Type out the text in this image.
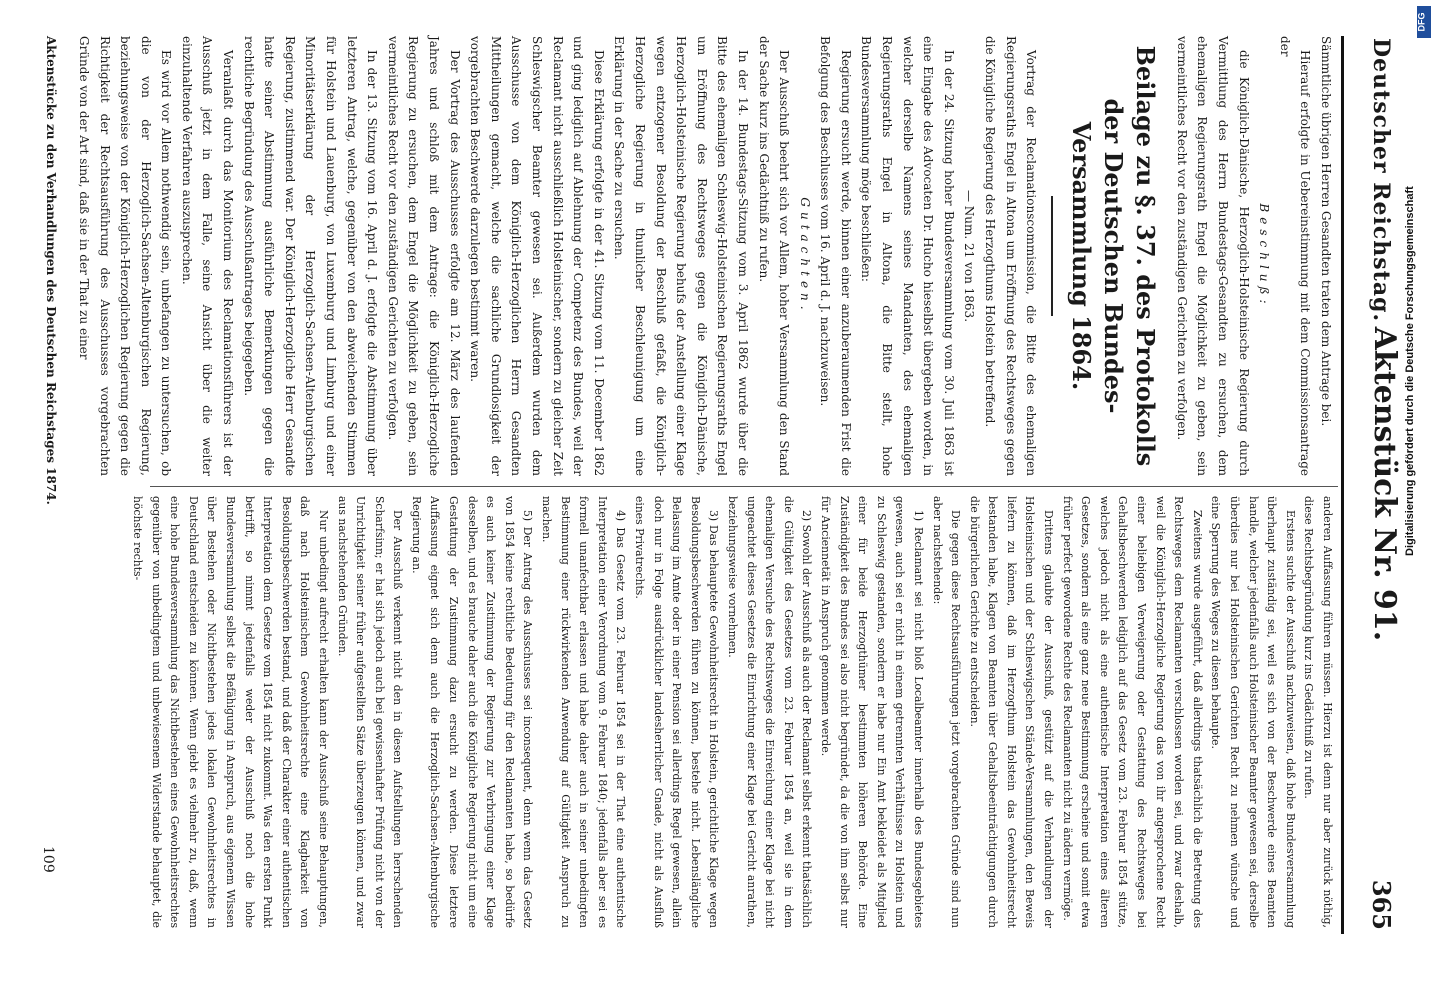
Deutscher Reichstag.
Aktenstück Nr. 91.
365

Sämmtliche übrigen Herren Gesandten traten dem Antrage bei.

Hierauf erfolgte in Uebereinstimmung mit dem Commissionsantrage der

Beschluß:

die Königlich-Dänische, Herzoglich-Holsteinische Regierung durch Vermittlung des Herrn Bundestags-Gesandten zu ersuchen, dem ehemaligen Regierungsrath Engel die Möglichkeit zu geben, sein vermeintliches Recht vor den zuständigen Gerichten zu verfolgen.

Beilage zu §. 37. des Protokolls der Deutschen Bundes-Versammlung 1864.

Vortrag der Reclamationscommission, die Bitte des ehemaligen Regierungsraths Engel in Altona um Eröffnung des Rechtsweges gegen die Königliche Regierung des Herzogthums Holstein betreffend.

— Num. 21 von 1863.

In der 24. Sitzung hoher Bundesversammlung vom 30. Juli 1863 ist eine Eingabe des Advocaten Dr. Hucho hieselbst übergeben worden, in welcher derselbe Namens seines Mandanten, des ehemaligen Regierungsraths Engel in Altona, die Bitte stellt, hohe Bundesversammlung möge beschließen:

Regierung ersucht werde, binnen einer anzuberaumenden Frist die Befolgung des Beschlusses vom 16. April d. J. nachzuweisen.

Gutachten.

Der Ausschuß beehrt sich vor Allem, hoher Versammlung den Stand der Sache kurz ins Gedächtniß zu rufen.

In der 14. Bundestags-Sitzung vom 3. April 1862 wurde über die Bitte des ehemaligen Schleswig-Holsteinischen Regierungsraths Engel um Eröffnung des Rechtsweges gegen die Königlich-Dänische, Herzoglich-Holsteinische Regierung behufs der Anstellung einer Klage wegen entzogener Besoldung der Beschluß gefaßt, die Königlich-Herzogliche Regierung in thunlicher Beschleunigung um eine Erklärung in der Sache zu ersuchen.

Diese Erklärung erfolgte in der 41. Sitzung vom 11. December 1862 und ging lediglich auf Ablehnung der Competenz des Bundes, weil der Reclamant nicht ausschließlich Holsteinischer, sondern zu gleicher Zeit Schleswigscher Beamter gewesen sei. Außerdem wurden dem Ausschusse von dem Königlich-Herzoglichen Herrn Gesandten Mittheilungen gemacht, welche die sachliche Grundlosigkeit der vorgebrachten Beschwerde darzulegen bestimmt waren.

Der Vortrag des Ausschusses erfolgte am 12. März des laufenden Jahres und schloß mit dem Antrage: die Königlich-Herzogliche Regierung zu ersuchen, dem Engel die Möglichkeit zu geben, sein vermeintliches Recht vor den zuständigen Gerichten zu verfolgen.

In der 13. Sitzung vom 16. April d. J. erfolgte die Abstimmung über letzteren Antrag, welche, gegenüber von den abweichenden Stimmen für Holstein und Lauenburg, von Luxemburg und Limburg und einer Minoritätserklärung der Herzoglich-Sachsen-Altenburgischen Regierung, zustimmend war. Der Königlich-Herzogliche Herr Gesandte hatte seiner Abstimmung ausführliche Bemerkungen gegen die rechtliche Begründung des Ausschußantrages beigegeben.

Veranlaßt durch das Monitorium des Reclamationsführers ist der Ausschuß jetzt in dem Falle, seine Ansicht über die weiter einzuhaltende Verfahren auszusprechen.

Es wird vor Allem nothwendig sein, unbefangen zu untersuchen, ob die von der Herzoglich-Sachsen-Altenburgischen Regierung, beziehungsweise von der Königlich-Herzoglichen Regierung gegen die Richtigkeit der Rechtsausführung des Ausschusses vorgebrachten Gründe von der Art sind, daß sie in der That zu einer

anderen Auffassung führen müssen. Hierzu ist denn nur aber zurück nöthig, diese Rechtsbegründung kurz ins Gedächtniß zu rufen.

Erstens suchte der Ausschuß nachzuweisen, daß hohe Bundesversammlung überhaupt zuständig sei, weil es sich von der Beschwerde eines Beamten handle, welcher jedenfalls auch Holsteinischer Beamter gewesen sei, derselbe überdies nur bei Holsteinischen Gerichten Recht zu nehmen wünsche und eine Sperrung des Weges zu diesen behaupte.

Zweitens wurde ausgeführt, daß allerdings thatsächlich die Betretung des Rechtsweges dem Reclamanten verschlossen worden sei, und zwar deshalb, weil die Königlich-Herzogliche Regierung das von ihr angesprochene Recht einer beliebigen Verweigerung oder Gestattung des Rechtsweges bei Gehaltsbeschwerden lediglich auf das Gesetz vom 23. Februar 1854 stütze, welches jedoch nicht als eine authentische Interpretation eines älteren Gesetzes, sondern als eine ganz neue Bestimmung erscheine und somit etwa früher perfect gewordene Rechte des Reclamanten nicht zu ändern vermöge.

Drittens glaubte der Ausschuß, gestützt auf die Verhandlungen der Holsteinischen und der Schleswigschen Stände-Versammlungen, den Beweis liefern zu können, daß im Herzogthum Holstein das Gewohnheitsrecht bestanden habe, Klagen von Beamten über Gehaltsbeeinträchtigungen durch die bürgerlichen Gerichte zu entscheiden.

Die gegen diese Rechtsausführungen jetzt vorgebrachten Gründe sind nun aber nachstehende:

1) Reclamant sei nicht bloß Localbeamter innerhalb des Bundesgebietes gewesen, auch sei er nicht in einem getrennten Verhältnisse zu Holstein und zu Schleswig gestanden, sondern er habe nur Ein Amt bekleidet als Mitglied einer für beide Herzogthümer bestimmten höheren Behörde. Eine Zuständigkeit des Bundes sei also nicht begründet, da die von ihm selbst nur für Anciennetät in Anspruch genommen werde.

2) Sowohl der Ausschuß als auch der Reclamant selbst erkennt thatsächlich die Gültigkeit des Gesetzes vom 23. Februar 1854 an, weil sie in dem ehemaligen Versuche des Rechtsweges die Einreichung einer Klage bei nicht ungeachtet dieses Gesetzes die Einrichtung einer Klage bei Gericht anrathen, beziehungsweise vornehmen.

3) Das behauptete Gewohnheitsrecht in Holstein, gerichtliche Klage wegen Besoldungsbeschwerden führen zu können, bestehe nicht. Lebenslängliche Belassung im Amte oder in einer Pension sei allerdings Regel gewesen, allein doch nur in Folge ausdrücklicher landesherrlicher Gnade, nicht als Ausfluß eines Privatrechts.

4) Das Gesetz vom 23. Februar 1854 sei in der That eine authentische Interpretation einer Verordnung vom 9. Februar 1840; jedenfalls aber sei es formell unanfechtbar erlassen und habe daher auch in seiner unbedingten Bestimmung einer rückwirkenden Anwendung auf Gültigkeit Anspruch zu machen.

5) Der Antrag des Ausschusses sei inconsequent, denn wenn das Gesetz von 1854 keine rechtliche Bedeutung für den Reclamanten habe, so bedürfe es auch keiner Zustimmung der Regierung zur Verbringung einer Klage desselben, und es brauche daher auch die Königliche Regierung nicht um eine Gestattung der Zustimmung dazu ersucht zu werden. Diese letztere Auffassung eignet sich denn auch die Herzoglich-Sachsen-Altenburgische Regierung an.

Der Ausschuß verkennt nicht den in diesen Aufstellungen herrschenden Scharfsinn; er hat sich jedoch auch bei gewissenhafter Prüfung nicht von der Unrichtigkeit seiner früher aufgestellten Sätze überzeugen können, und zwar aus nachstehenden Gründen.

Nur unbedingt aufrecht erhalten kann der Ausschuß seine Behauptungen, daß nach Holsteinischem Gewohnheitsrechte eine Klagbarkeit von Besoldungsbeschwerden bestand, und daß der Charakter einer authentischen Interpretation dem Gesetze vom 1854 nicht zukommt. Was den ersten Punkt betrifft, so nimmt jedenfalls weder der Ausschuß noch die hohe Bundesversammlung selbst die Befähigung in Anspruch, aus eigenem Wissen über Bestehen oder Nichtbestehen jedes lokalen Gewohnheitsrechtes in Deutschland entscheiden zu können. Wenn giebt es vielmehr zu, daß, wenn eine hohe Bundesversammlung das Nichtbestehen eines Gewohnheitsrechtes gegenüber von unbedingtem und unbewiesenem Widerstande behauptet, die höchste rechts-

Aktenstücke zu den Verhandlungen des Deutschen Reichstages 1874.
109
Digitalisierung gefördert durch die Deutsche Forschungsgemeinschaft
DFG
